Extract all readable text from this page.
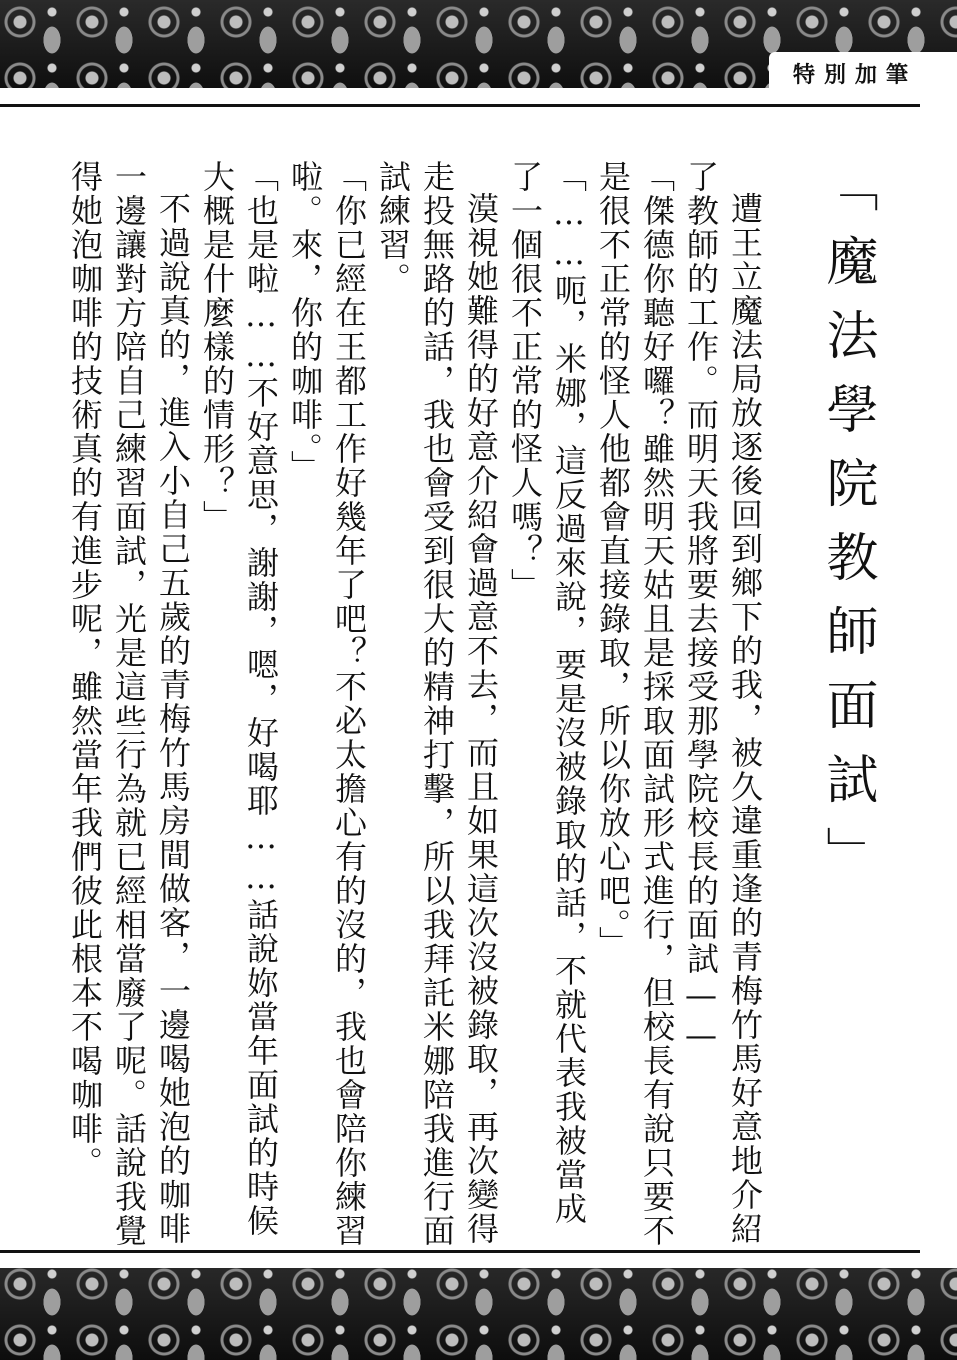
特別加筆
「魔法學院教師面試」

遭王立魔法局放逐後回到鄉下的我，被久違重逢的青梅竹馬好意地介紹了教師的工作。而明天我將要去接受那學院校長的面試——

「傑德你聽好囉？雖然明天姑且是採取面試形式進行，但校長有說只要不是很不正常的怪人他都會直接錄取，所以你放心吧。」

「……呃，米娜，這反過來說，要是沒被錄取的話，不就代表我被當成了一個很不正常的怪人嗎？」

漠視她難得的好意介紹會過意不去，而且如果這次沒被錄取，再次變得走投無路的話，我也會受到很大的精神打擊，所以我拜託米娜陪我進行面試練習。

「你已經在王都工作好幾年了吧？不必太擔心有的沒的，我也會陪你練習啦。來，你的咖啡。」

「也是啦……不好意思，謝謝，嗯，好喝耶……話說妳當年面試的時候大概是什麼樣的情形？」

不過說真的，進入小自己五歲的青梅竹馬房間做客，一邊喝她泡的咖啡一邊讓對方陪自己練習面試，光是這些行為就已經相當廢了呢。話說我覺得她泡咖啡的技術真的有進步呢，雖然當年我們彼此根本不喝咖啡。
